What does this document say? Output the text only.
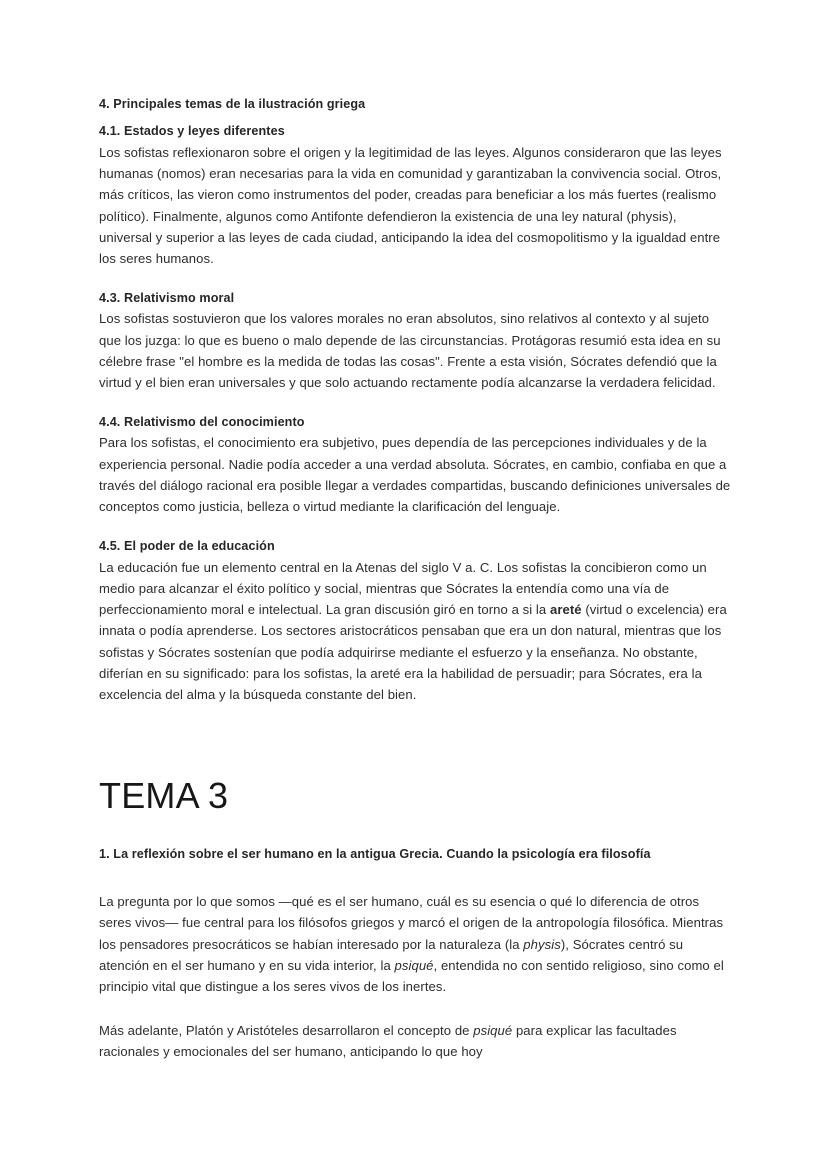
4. Principales temas de la ilustración griega
4.1. Estados y leyes diferentes

Los sofistas reflexionaron sobre el origen y la legitimidad de las leyes. Algunos consideraron que las leyes humanas (nomos) eran necesarias para la vida en comunidad y garantizaban la convivencia social. Otros, más críticos, las vieron como instrumentos del poder, creadas para beneficiar a los más fuertes (realismo político). Finalmente, algunos como Antifonte defendieron la existencia de una ley natural (physis), universal y superior a las leyes de cada ciudad, anticipando la idea del cosmopolitismo y la igualdad entre los seres humanos.

4.3. Relativismo moral

Los sofistas sostuvieron que los valores morales no eran absolutos, sino relativos al contexto y al sujeto que los juzga: lo que es bueno o malo depende de las circunstancias. Protágoras resumió esta idea en su célebre frase "el hombre es la medida de todas las cosas". Frente a esta visión, Sócrates defendió que la virtud y el bien eran universales y que solo actuando rectamente podía alcanzarse la verdadera felicidad.

4.4. Relativismo del conocimiento

Para los sofistas, el conocimiento era subjetivo, pues dependía de las percepciones individuales y de la experiencia personal. Nadie podía acceder a una verdad absoluta. Sócrates, en cambio, confiaba en que a través del diálogo racional era posible llegar a verdades compartidas, buscando definiciones universales de conceptos como justicia, belleza o virtud mediante la clarificación del lenguaje.

4.5. El poder de la educación

La educación fue un elemento central en la Atenas del siglo V a. C. Los sofistas la concibieron como un medio para alcanzar el éxito político y social, mientras que Sócrates la entendía como una vía de perfeccionamiento moral e intelectual. La gran discusión giró en torno a si la areté (virtud o excelencia) era innata o podía aprenderse. Los sectores aristocráticos pensaban que era un don natural, mientras que los sofistas y Sócrates sostenían que podía adquirirse mediante el esfuerzo y la enseñanza. No obstante, diferían en su significado: para los sofistas, la areté era la habilidad de persuadir; para Sócrates, era la excelencia del alma y la búsqueda constante del bien.

TEMA 3
1. La reflexión sobre el ser humano en la antigua Grecia. Cuando la psicología era filosofía

La pregunta por lo que somos —qué es el ser humano, cuál es su esencia o qué lo diferencia de otros seres vivos— fue central para los filósofos griegos y marcó el origen de la antropología filosófica. Mientras los pensadores presocráticos se habían interesado por la naturaleza (la physis), Sócrates centró su atención en el ser humano y en su vida interior, la psiqué, entendida no con sentido religioso, sino como el principio vital que distingue a los seres vivos de los inertes.

Más adelante, Platón y Aristóteles desarrollaron el concepto de psiqué para explicar las facultades racionales y emocionales del ser humano, anticipando lo que hoy
